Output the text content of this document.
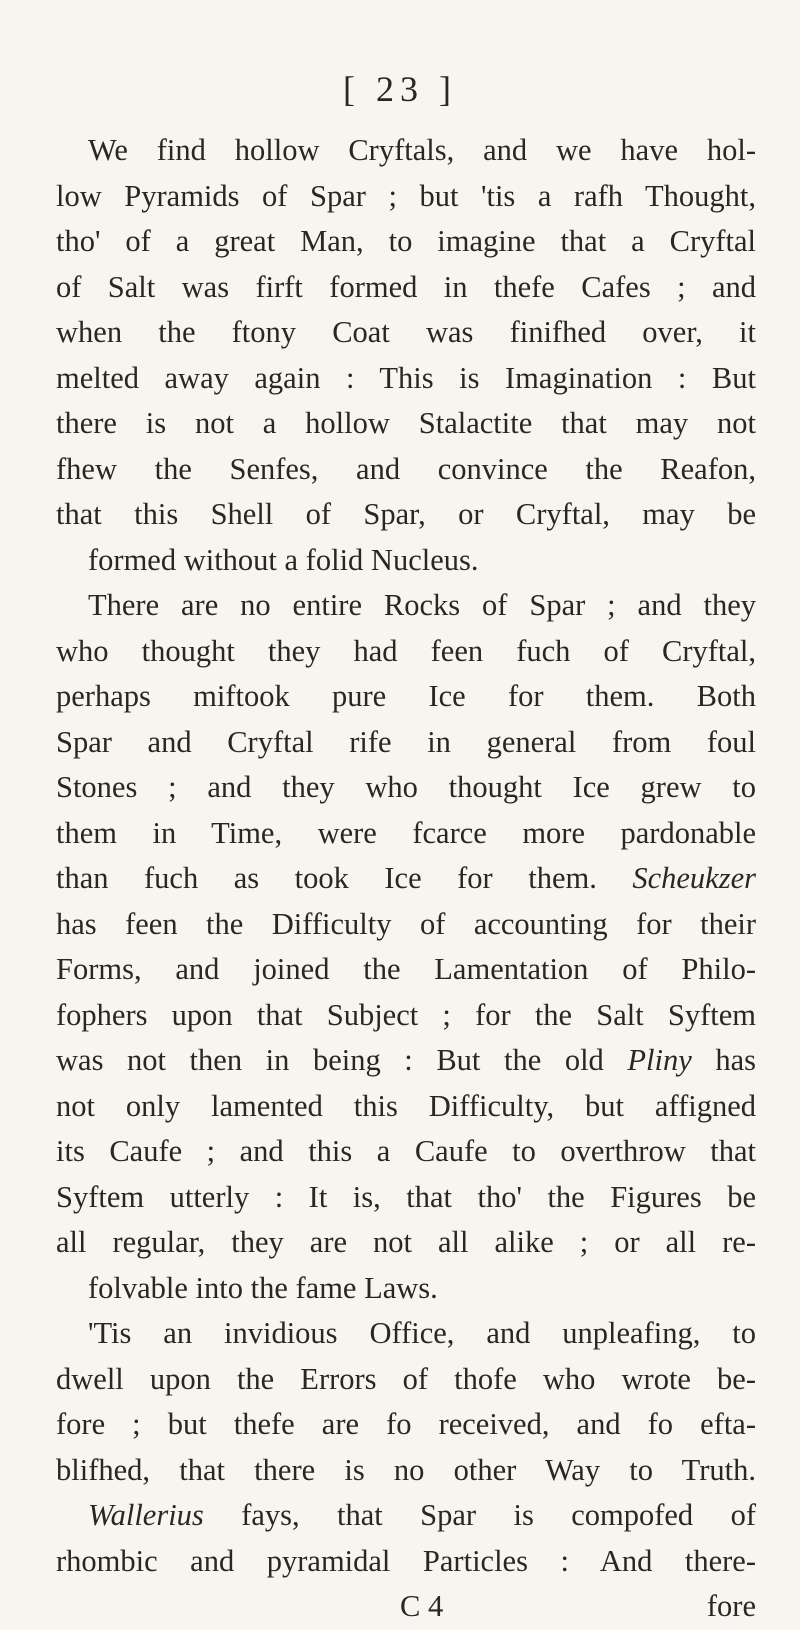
[ 23 ]
We find hollow Cryftals, and we have hol-
low Pyramids of Spar ; but 'tis a rafh Thought,
tho' of a great Man, to imagine that a Cryftal
of Salt was firft formed in thefe Cafes ; and
when the ftony Coat was finifhed over, it
melted away again : This is Imagination : But
there is not a hollow Stalactite that may not
fhew the Senfes, and convince the Reafon,
that this Shell of Spar, or Cryftal, may be
formed without a folid Nucleus.
There are no entire Rocks of Spar ; and they
who thought they had feen fuch of Cryftal,
perhaps miftook pure Ice for them. Both
Spar and Cryftal rife in general from foul
Stones ; and they who thought Ice grew to
them in Time, were fcarce more pardonable
than fuch as took Ice for them. Scheukzer
has feen the Difficulty of accounting for their
Forms, and joined the Lamentation of Philo-
fophers upon that Subject ; for the Salt Syftem
was not then in being : But the old Pliny has
not only lamented this Difficulty, but affigned
its Caufe ; and this a Caufe to overthrow that
Syftem utterly : It is, that tho' the Figures be
all regular, they are not all alike ; or all re-
folvable into the fame Laws.
'Tis an invidious Office, and unpleafing, to
dwell upon the Errors of thofe who wrote be-
fore ; but thefe are fo received, and fo efta-
blifhed, that there is no other Way to Truth.
Wallerius fays, that Spar is compofed of
rhombic and pyramidal Particles : And there-
C 4	fore
